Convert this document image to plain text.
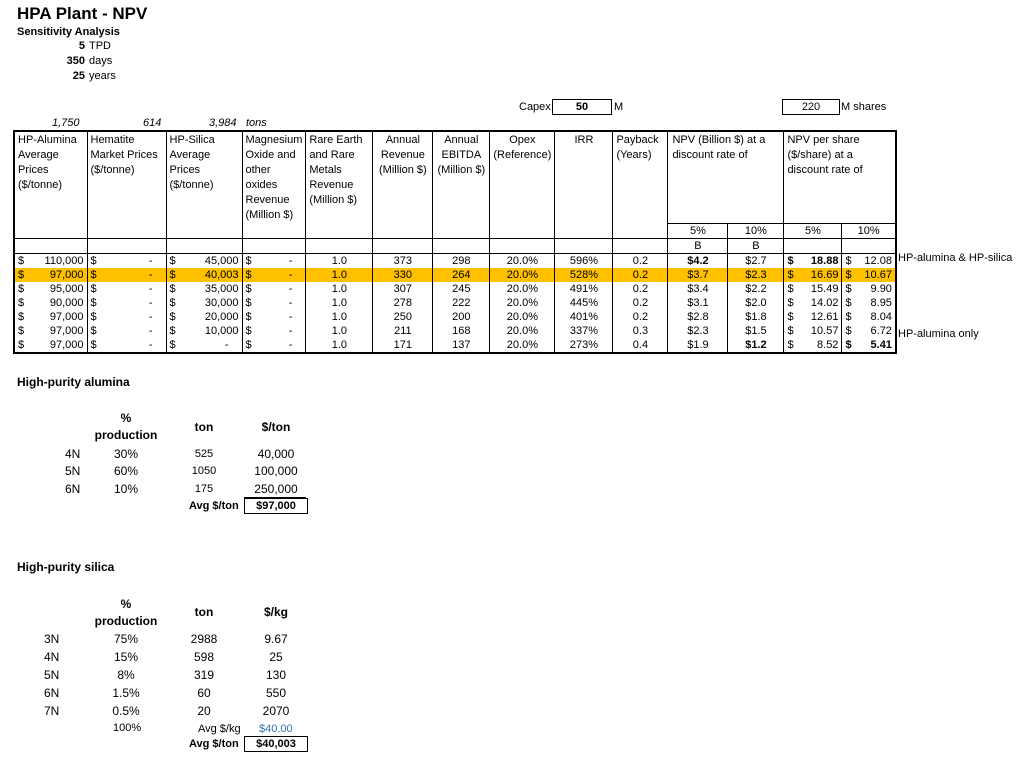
HPA Plant - NPV
Sensitivity Analysis
5 TPD
350 days
25 years
1,750	614	3,984 tons
Capex	50	M	220	M shares
HP-Alumina Average Prices ($/tonne)	Hematite Market Prices ($/tonne)	HP-Silica Average Prices ($/tonne)	Magnesium Oxide and other oxides Revenue (Million $)	Rare Earth and Rare Metals Revenue (Million $)	Annual Revenue (Million $)	Annual EBITDA (Million $)	Opex (Reference)	IRR	Payback (Years)	NPV (Billion $) at a discount rate of		NPV per share ($/share) at a discount rate of	

										5%	10%	5%	10%
										B	B		

$ 110,000	$ -	$ 45,000	$ -	1.0	373	298	20.0%	596%	0.2	$4.2	$2.7	$ 18.88	$ 12.08

$ 97,000	$ -	$ 40,003	$ -	1.0	330	264	20.0%	528%	0.2	$3.7	$2.3	$ 16.69	$ 10.67

$ 95,000	$ -	$ 35,000	$ -	1.0	307	245	20.0%	491%	0.2	$3.4	$2.2	$ 15.49	$ 9.90

$ 90,000	$ -	$ 30,000	$ -	1.0	278	222	20.0%	445%	0.2	$3.1	$2.0	$ 14.02	$ 8.95

$ 97,000	$ -	$ 20,000	$ -	1.0	250	200	20.0%	401%	0.2	$2.8	$1.8	$ 12.61	$ 8.04

$ 97,000	$ -	$ 10,000	$ -	1.0	211	168	20.0%	337%	0.3	$2.3	$1.5	$ 10.57	$ 6.72

$ 97,000	$ -	$ -	$ -	1.0	171	137	20.0%	273%	0.4	$1.9	$1.2	$ 8.52	$ 5.41
HP-alumina & HP-silica
HP-alumina only
High-purity alumina
%
production
ton	$/ton
4N	30%	525	40,000
5N	60%	1050	100,000
6N	10%	175	250,000
Avg $/ton	$97,000
High-purity silica
%
production
ton	$/kg
3N	75%	2988	9.67
4N	15%	598	25
5N	8%	319	130
6N	1.5%	60	550
7N	0.5%	20	2070
100%	Avg $/kg $40.00
Avg $/ton	$40,003
